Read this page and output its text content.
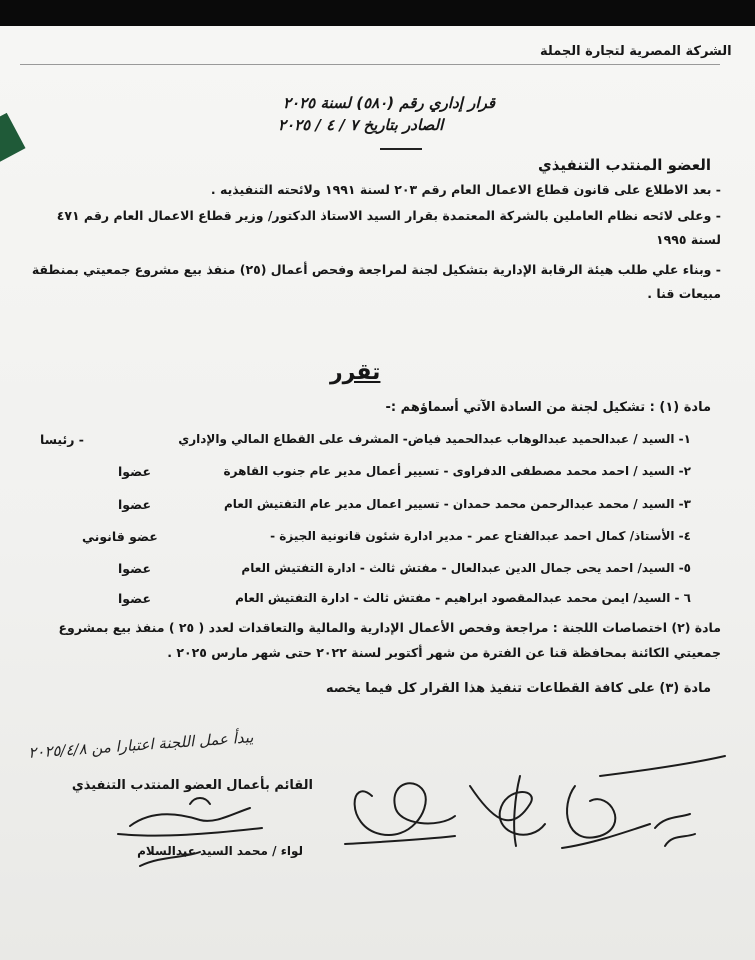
الشركة المصرية لتجارة الجملة
قرار إداري رقم (٥٨٠) لسنة ٢٠٢٥
الصادر بتاريخ ٧ / ٤ / ٢٠٢٥
العضو المنتدب التنفيذي
- بعد الاطلاع على قانون قطاع الاعمال العام رقم ٢٠٣ لسنة ١٩٩١ ولائحته التنفيذيه .
- وعلى لائحه نظام العاملين بالشركة المعتمدة بقرار السيد الاستاذ الدكتور/ وزير قطاع الاعمال العام رقم ٤٧١ لسنة ١٩٩٥
- وبناء علي طلب هيئة الرقابة الإدارية بتشكيل لجنة لمراجعة وفحص أعمال (٢٥) منفذ بيع مشروع جمعيتي بمنطقة مبيعات قنا .
تقرر
مادة (١) : تشكيل لجنة من السادة الآتي أسماؤهم :-
١- السيد / عبدالحميد عبدالوهاب عبدالحميد فياض- المشرف على القطاع المالي والإداري
- رئيسا
٢- السيد / احمد محمد مصطفى الدفراوى - تسيير أعمال مدير عام جنوب القاهرة
عضوا
٣- السيد / محمد عبدالرحمن محمد حمدان - تسيير اعمال مدير عام التفتيش العام
عضوا
٤- الأستاذ/ كمال احمد عبدالفتاح عمر - مدير ادارة شئون قانونية الجيزة -
عضو قانوني
٥- السيد/ احمد يحى جمال الدين عبدالعال - مفتش ثالث - ادارة التفتيش العام
عضوا
٦ - السيد/ ايمن محمد عبدالمقصود ابراهيم - مفتش ثالث - ادارة التفتيش العام
عضوا
مادة (٢) اختصاصات اللجنة : مراجعة وفحص الأعمال الإدارية والمالية والتعاقدات لعدد ( ٢٥ ) منفذ بيع بمشروع جمعيتي الكائنة بمحافظة قنا عن الفترة من شهر أكتوبر لسنة ٢٠٢٢ حتى شهر مارس ٢٠٢٥ .
مادة (٣) على كافة القطاعات تنفيذ هذا القرار كل فيما يخصه
يبدأ عمل اللجنة اعتبارا من ٢٠٢٥/٤/٨
القائم بأعمال العضو المنتدب التنفيذي
لواء / محمد السيد عبدالسلام
